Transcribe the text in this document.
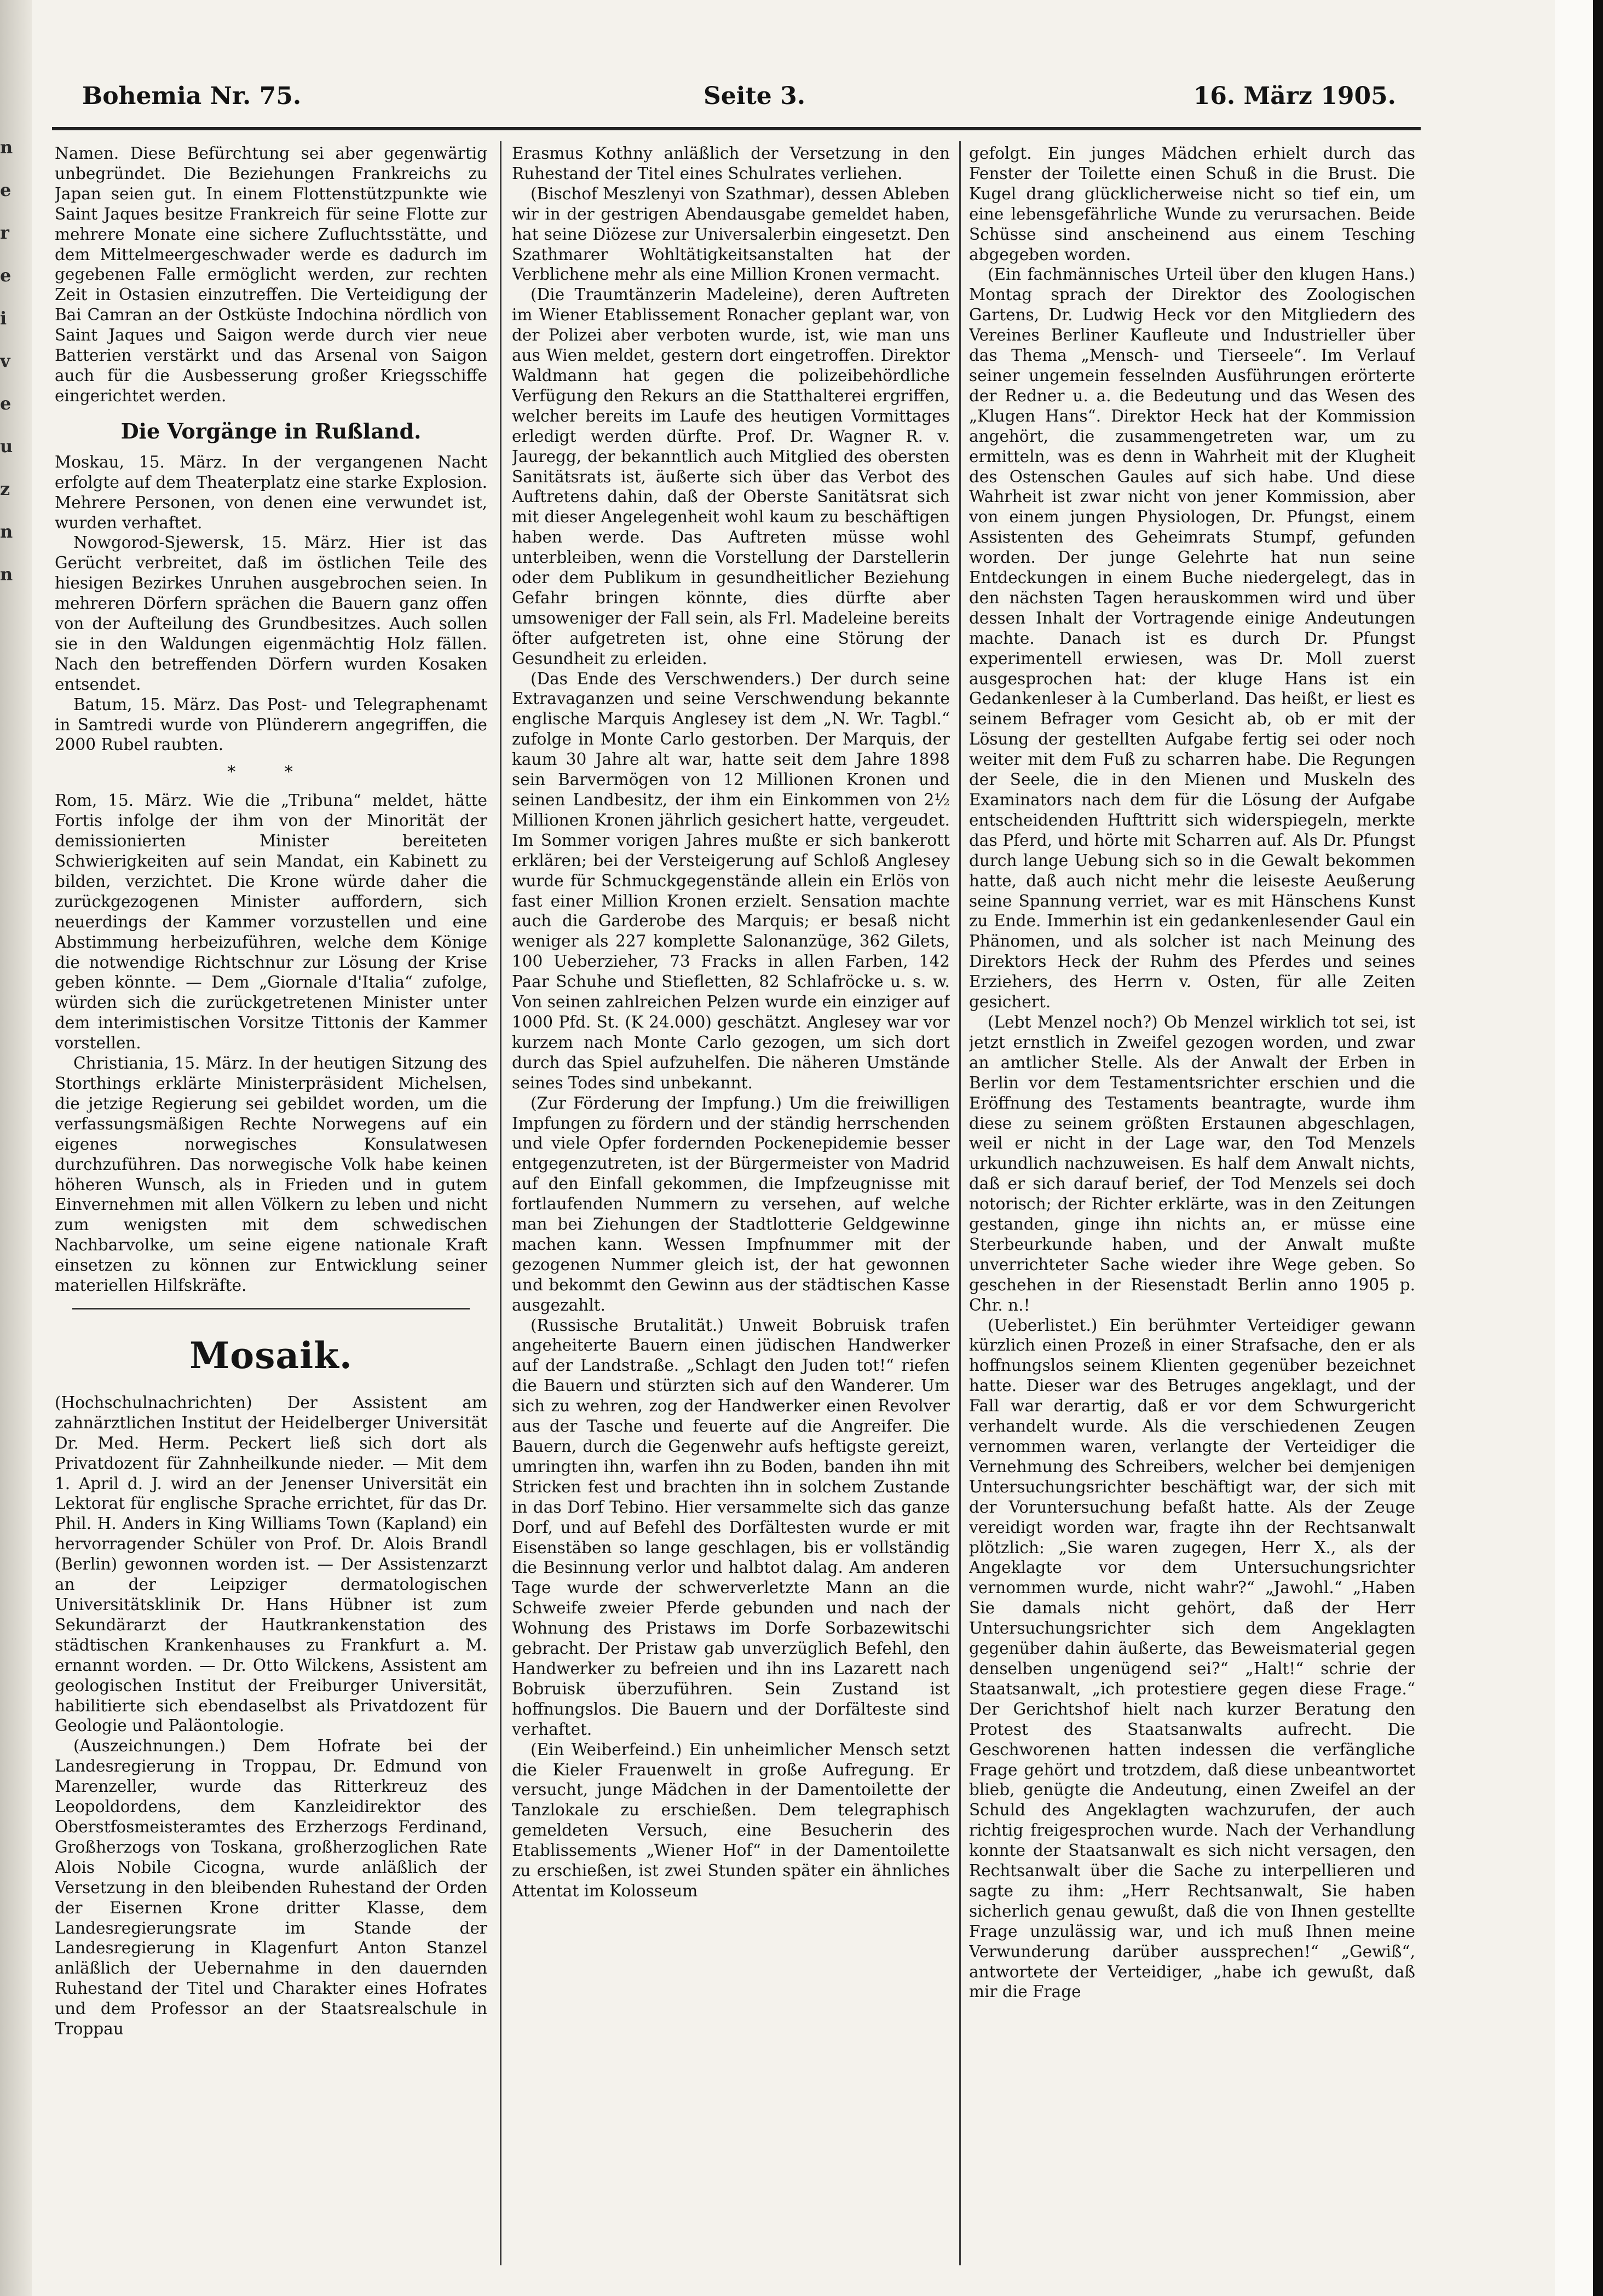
n
e
r
e
i
v
e
u
z
n
n
Bohemia Nr. 75.	Seite 3.	16. März 1905.

Namen. Diese Befürchtung sei aber gegenwärtig unbegründet. Die Beziehungen Frankreichs zu Japan seien gut. In einem Flottenstützpunkte wie Saint Jaques besitze Frankreich für seine Flotte zur mehrere Monate eine sichere Zufluchtsstätte, und dem Mittelmeergeschwader werde es dadurch im gegebenen Falle ermöglicht werden, zur rechten Zeit in Ostasien einzutreffen. Die Verteidigung der Bai Camran an der Ostküste Indochina nördlich von Saint Jaques und Saigon werde durch vier neue Batterien verstärkt und das Arsenal von Saigon auch für die Ausbesserung großer Kriegsschiffe eingerichtet werden.

Die Vorgänge in Rußland.

Moskau, 15. März. In der vergangenen Nacht erfolgte auf dem Theaterplatz eine starke Explosion. Mehrere Personen, von denen eine verwundet ist, wurden verhaftet.

Nowgorod-Sjewersk, 15. März. Hier ist das Gerücht verbreitet, daß im östlichen Teile des hiesigen Bezirkes Unruhen ausgebrochen seien. In mehreren Dörfern sprächen die Bauern ganz offen von der Aufteilung des Grundbesitzes. Auch sollen sie in den Waldungen eigenmächtig Holz fällen. Nach den betreffenden Dörfern wurden Kosaken entsendet.

Batum, 15. März. Das Post- und Telegraphenamt in Samtredi wurde von Plünderern angegriffen, die 2000 Rubel raubten.

* *

Rom, 15. März. Wie die „Tribuna“ meldet, hätte Fortis infolge der ihm von der Minorität der demissionierten Minister bereiteten Schwierigkeiten auf sein Mandat, ein Kabinett zu bilden, verzichtet. Die Krone würde daher die zurückgezogenen Minister auffordern, sich neuerdings der Kammer vorzustellen und eine Abstimmung herbeizuführen, welche dem Könige die notwendige Richtschnur zur Lösung der Krise geben könnte. — Dem „Giornale d'Italia“ zufolge, würden sich die zurückgetretenen Minister unter dem interimistischen Vorsitze Tittonis der Kammer vorstellen.

Christiania, 15. März. In der heutigen Sitzung des Storthings erklärte Ministerpräsident Michelsen, die jetzige Regierung sei gebildet worden, um die verfassungsmäßigen Rechte Norwegens auf ein eigenes norwegisches Konsulatwesen durchzuführen. Das norwegische Volk habe keinen höheren Wunsch, als in Frieden und in gutem Einvernehmen mit allen Völkern zu leben und nicht zum wenigsten mit dem schwedischen Nachbarvolke, um seine eigene nationale Kraft einsetzen zu können zur Entwicklung seiner materiellen Hilfskräfte.

Mosaik.

(Hochschulnachrichten) Der Assistent am zahnärztlichen Institut der Heidelberger Universität Dr. Med. Herm. Peckert ließ sich dort als Privatdozent für Zahnheilkunde nieder. — Mit dem 1. April d. J. wird an der Jenenser Universität ein Lektorat für englische Sprache errichtet, für das Dr. Phil. H. Anders in King Williams Town (Kapland) ein hervorragender Schüler von Prof. Dr. Alois Brandl (Berlin) gewonnen worden ist. — Der Assistenzarzt an der Leipziger dermatologischen Universitätsklinik Dr. Hans Hübner ist zum Sekundärarzt der Hautkrankenstation des städtischen Krankenhauses zu Frankfurt a. M. ernannt worden. — Dr. Otto Wilckens, Assistent am geologischen Institut der Freiburger Universität, habilitierte sich ebendaselbst als Privatdozent für Geologie und Paläontologie.

(Auszeichnungen.) Dem Hofrate bei der Landesregierung in Troppau, Dr. Edmund von Marenzeller, wurde das Ritterkreuz des Leopoldordens, dem Kanzleidirektor des Oberstfosmeisteramtes des Erzherzogs Ferdinand, Großherzogs von Toskana, großherzoglichen Rate Alois Nobile Cicogna, wurde anläßlich der Versetzung in den bleibenden Ruhestand der Orden der Eisernen Krone dritter Klasse, dem Landesregierungsrate im Stande der Landesregierung in Klagenfurt Anton Stanzel anläßlich der Uebernahme in den dauernden Ruhestand der Titel und Charakter eines Hofrates und dem Professor an der Staatsrealschule in Troppau

Erasmus Kothny anläßlich der Versetzung in den Ruhestand der Titel eines Schulrates verliehen.

(Bischof Meszlenyi von Szathmar), dessen Ableben wir in der gestrigen Abendausgabe gemeldet haben, hat seine Diözese zur Universalerbin eingesetzt. Den Szathmarer Wohltätigkeitsanstalten hat der Verblichene mehr als eine Million Kronen vermacht.

(Die Traumtänzerin Madeleine), deren Auftreten im Wiener Etablissement Ronacher geplant war, von der Polizei aber verboten wurde, ist, wie man uns aus Wien meldet, gestern dort eingetroffen. Direktor Waldmann hat gegen die polizeibehördliche Verfügung den Rekurs an die Statthalterei ergriffen, welcher bereits im Laufe des heutigen Vormittages erledigt werden dürfte. Prof. Dr. Wagner R. v. Jauregg, der bekanntlich auch Mitglied des obersten Sanitätsrats ist, äußerte sich über das Verbot des Auftretens dahin, daß der Oberste Sanitätsrat sich mit dieser Angelegenheit wohl kaum zu beschäftigen haben werde. Das Auftreten müsse wohl unterbleiben, wenn die Vorstellung der Darstellerin oder dem Publikum in gesundheitlicher Beziehung Gefahr bringen könnte, dies dürfte aber umsoweniger der Fall sein, als Frl. Madeleine bereits öfter aufgetreten ist, ohne eine Störung der Gesundheit zu erleiden.

(Das Ende des Verschwenders.) Der durch seine Extravaganzen und seine Verschwendung bekannte englische Marquis Anglesey ist dem „N. Wr. Tagbl.“ zufolge in Monte Carlo gestorben. Der Marquis, der kaum 30 Jahre alt war, hatte seit dem Jahre 1898 sein Barvermögen von 12 Millionen Kronen und seinen Landbesitz, der ihm ein Einkommen von 2½ Millionen Kronen jährlich gesichert hatte, vergeudet. Im Sommer vorigen Jahres mußte er sich bankerott erklären; bei der Versteigerung auf Schloß Anglesey wurde für Schmuckgegenstände allein ein Erlös von fast einer Million Kronen erzielt. Sensation machte auch die Garderobe des Marquis; er besaß nicht weniger als 227 komplette Salonanzüge, 362 Gilets, 100 Ueberzieher, 73 Fracks in allen Farben, 142 Paar Schuhe und Stiefletten, 82 Schlafröcke u. s. w. Von seinen zahlreichen Pelzen wurde ein einziger auf 1000 Pfd. St. (K 24.000) geschätzt. Anglesey war vor kurzem nach Monte Carlo gezogen, um sich dort durch das Spiel aufzuhelfen. Die näheren Umstände seines Todes sind unbekannt.

(Zur Förderung der Impfung.) Um die freiwilligen Impfungen zu fördern und der ständig herrschenden und viele Opfer fordernden Pockenepidemie besser entgegenzutreten, ist der Bürgermeister von Madrid auf den Einfall gekommen, die Impfzeugnisse mit fortlaufenden Nummern zu versehen, auf welche man bei Ziehungen der Stadtlotterie Geldgewinne machen kann. Wessen Impfnummer mit der gezogenen Nummer gleich ist, der hat gewonnen und bekommt den Gewinn aus der städtischen Kasse ausgezahlt.

(Russische Brutalität.) Unweit Bobruisk trafen angeheiterte Bauern einen jüdischen Handwerker auf der Landstraße. „Schlagt den Juden tot!“ riefen die Bauern und stürzten sich auf den Wanderer. Um sich zu wehren, zog der Handwerker einen Revolver aus der Tasche und feuerte auf die Angreifer. Die Bauern, durch die Gegenwehr aufs heftigste gereizt, umringten ihn, warfen ihn zu Boden, banden ihn mit Stricken fest und brachten ihn in solchem Zustande in das Dorf Tebino. Hier versammelte sich das ganze Dorf, und auf Befehl des Dorfältesten wurde er mit Eisenstäben so lange geschlagen, bis er vollständig die Besinnung verlor und halbtot dalag. Am anderen Tage wurde der schwerverletzte Mann an die Schweife zweier Pferde gebunden und nach der Wohnung des Pristaws im Dorfe Sorbazewitschi gebracht. Der Pristaw gab unverzüglich Befehl, den Handwerker zu befreien und ihn ins Lazarett nach Bobruisk überzuführen. Sein Zustand ist hoffnungslos. Die Bauern und der Dorfälteste sind verhaftet.

(Ein Weiberfeind.) Ein unheimlicher Mensch setzt die Kieler Frauenwelt in große Aufregung. Er versucht, junge Mädchen in der Damentoilette der Tanzlokale zu erschießen. Dem telegraphisch gemeldeten Versuch, eine Besucherin des Etablissements „Wiener Hof“ in der Damentoilette zu erschießen, ist zwei Stunden später ein ähnliches Attentat im Kolosseum

gefolgt. Ein junges Mädchen erhielt durch das Fenster der Toilette einen Schuß in die Brust. Die Kugel drang glücklicherweise nicht so tief ein, um eine lebensgefährliche Wunde zu verursachen. Beide Schüsse sind anscheinend aus einem Tesching abgegeben worden.

(Ein fachmännisches Urteil über den klugen Hans.) Montag sprach der Direktor des Zoologischen Gartens, Dr. Ludwig Heck vor den Mitgliedern des Vereines Berliner Kaufleute und Industrieller über das Thema „Mensch- und Tierseele“. Im Verlauf seiner ungemein fesselnden Ausführungen erörterte der Redner u. a. die Bedeutung und das Wesen des „Klugen Hans“. Direktor Heck hat der Kommission angehört, die zusammengetreten war, um zu ermitteln, was es denn in Wahrheit mit der Klugheit des Ostenschen Gaules auf sich habe. Und diese Wahrheit ist zwar nicht von jener Kommission, aber von einem jungen Physiologen, Dr. Pfungst, einem Assistenten des Geheimrats Stumpf, gefunden worden. Der junge Gelehrte hat nun seine Entdeckungen in einem Buche niedergelegt, das in den nächsten Tagen herauskommen wird und über dessen Inhalt der Vortragende einige Andeutungen machte. Danach ist es durch Dr. Pfungst experimentell erwiesen, was Dr. Moll zuerst ausgesprochen hat: der kluge Hans ist ein Gedankenleser à la Cumberland. Das heißt, er liest es seinem Befrager vom Gesicht ab, ob er mit der Lösung der gestellten Aufgabe fertig sei oder noch weiter mit dem Fuß zu scharren habe. Die Regungen der Seele, die in den Mienen und Muskeln des Examinators nach dem für die Lösung der Aufgabe entscheidenden Hufttritt sich widerspiegeln, merkte das Pferd, und hörte mit Scharren auf. Als Dr. Pfungst durch lange Uebung sich so in die Gewalt bekommen hatte, daß auch nicht mehr die leiseste Aeußerung seine Spannung verriet, war es mit Hänschens Kunst zu Ende. Immerhin ist ein gedankenlesender Gaul ein Phänomen, und als solcher ist nach Meinung des Direktors Heck der Ruhm des Pferdes und seines Erziehers, des Herrn v. Osten, für alle Zeiten gesichert.

(Lebt Menzel noch?) Ob Menzel wirklich tot sei, ist jetzt ernstlich in Zweifel gezogen worden, und zwar an amtlicher Stelle. Als der Anwalt der Erben in Berlin vor dem Testamentsrichter erschien und die Eröffnung des Testaments beantragte, wurde ihm diese zu seinem größten Erstaunen abgeschlagen, weil er nicht in der Lage war, den Tod Menzels urkundlich nachzuweisen. Es half dem Anwalt nichts, daß er sich darauf berief, der Tod Menzels sei doch notorisch; der Richter erklärte, was in den Zeitungen gestanden, ginge ihn nichts an, er müsse eine Sterbeurkunde haben, und der Anwalt mußte unverrichteter Sache wieder ihre Wege geben. So geschehen in der Riesenstadt Berlin anno 1905 p. Chr. n.!

(Ueberlistet.) Ein berühmter Verteidiger gewann kürzlich einen Prozeß in einer Strafsache, den er als hoffnungslos seinem Klienten gegenüber bezeichnet hatte. Dieser war des Betruges angeklagt, und der Fall war derartig, daß er vor dem Schwurgericht verhandelt wurde. Als die verschiedenen Zeugen vernommen waren, verlangte der Verteidiger die Vernehmung des Schreibers, welcher bei demjenigen Untersuchungsrichter beschäftigt war, der sich mit der Voruntersuchung befaßt hatte. Als der Zeuge vereidigt worden war, fragte ihn der Rechtsanwalt plötzlich: „Sie waren zugegen, Herr X., als der Angeklagte vor dem Untersuchungsrichter vernommen wurde, nicht wahr?“ „Jawohl.“ „Haben Sie damals nicht gehört, daß der Herr Untersuchungsrichter sich dem Angeklagten gegenüber dahin äußerte, das Beweismaterial gegen denselben ungenügend sei?“ „Halt!“ schrie der Staatsanwalt, „ich protestiere gegen diese Frage.“ Der Gerichtshof hielt nach kurzer Beratung den Protest des Staatsanwalts aufrecht. Die Geschworenen hatten indessen die verfängliche Frage gehört und trotzdem, daß diese unbeantwortet blieb, genügte die Andeutung, einen Zweifel an der Schuld des Angeklagten wachzurufen, der auch richtig freigesprochen wurde. Nach der Verhandlung konnte der Staatsanwalt es sich nicht versagen, den Rechtsanwalt über die Sache zu interpellieren und sagte zu ihm: „Herr Rechtsanwalt, Sie haben sicherlich genau gewußt, daß die von Ihnen gestellte Frage unzulässig war, und ich muß Ihnen meine Verwunderung darüber aussprechen!“ „Gewiß“, antwortete der Verteidiger, „habe ich gewußt, daß mir die Frage
